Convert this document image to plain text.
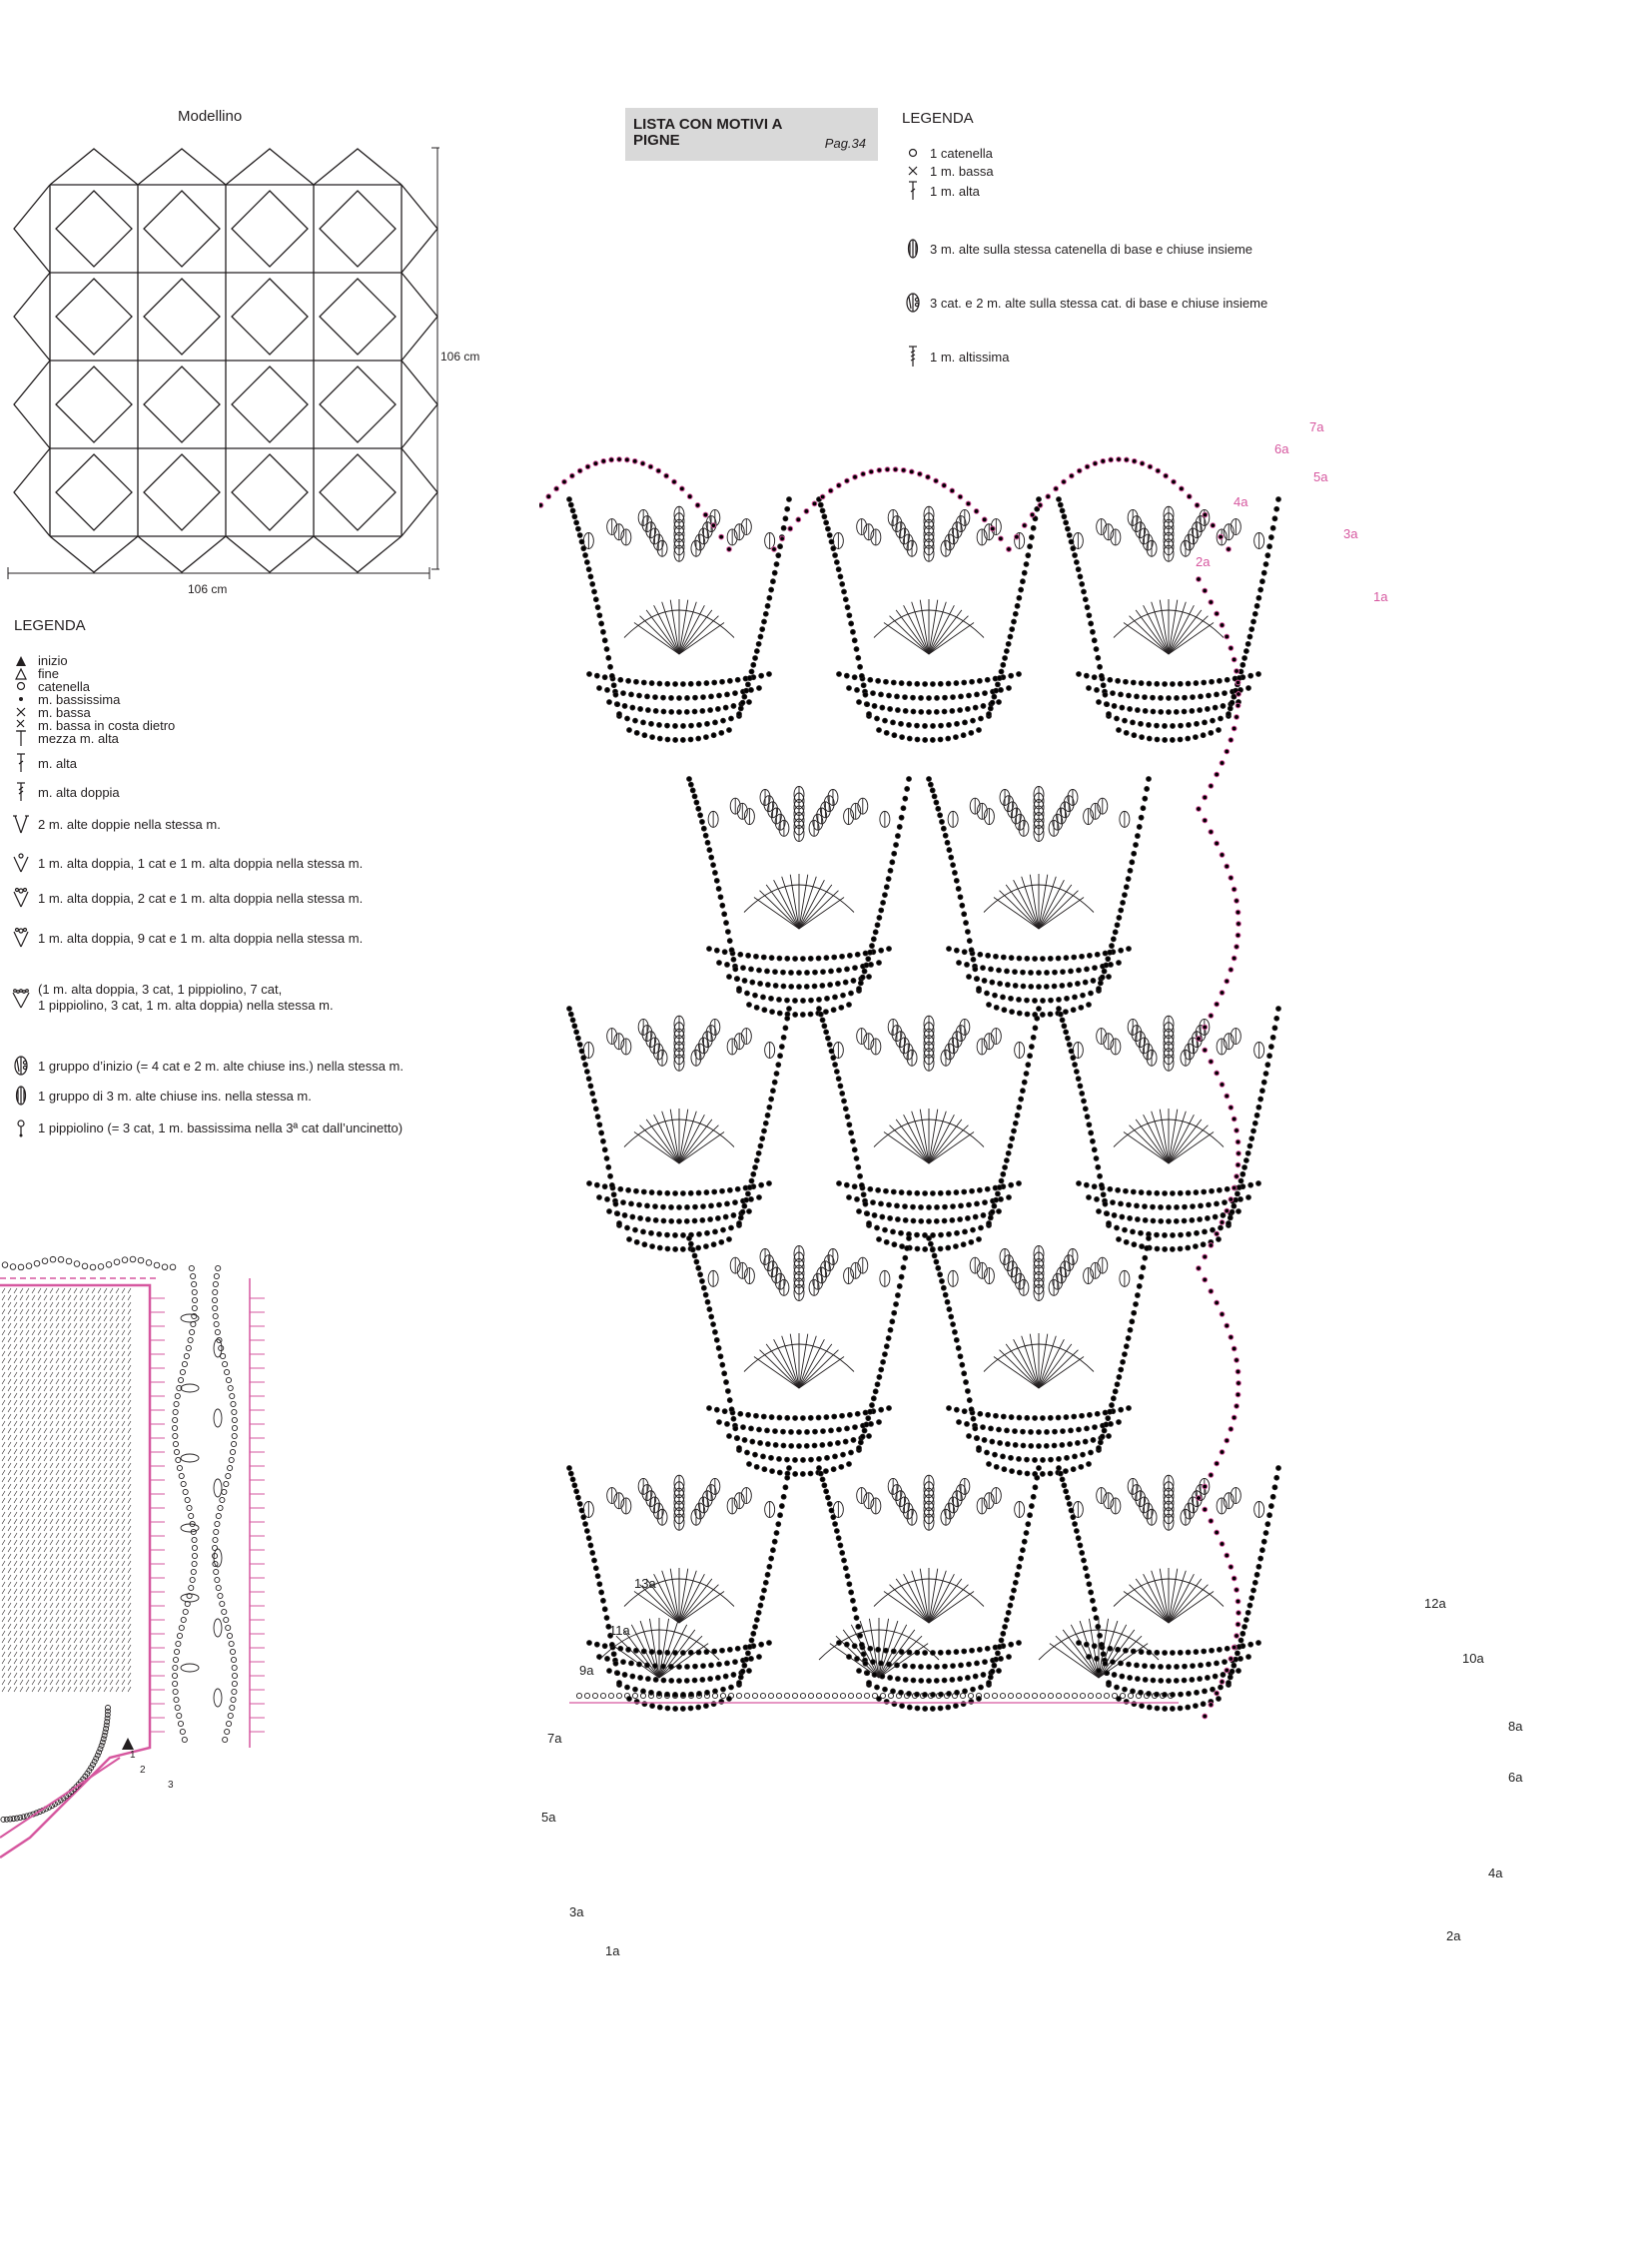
Modellino
106 cm
106 cm
LISTA CON MOTIVI A PIGNE	Pag.34
LEGENDA
inizio
fine
catenella
m. bassissima
m. bassa
m. bassa in costa dietro
mezza m. alta
m. alta
m. alta doppia
2 m. alte doppie nella stessa m.
1 m. alta doppia, 1 cat e 1 m. alta doppia nella stessa m.
1 m. alta doppia, 2 cat e 1 m. alta doppia nella stessa m.
1 m. alta doppia, 9 cat e 1 m. alta doppia nella stessa m.
(1 m. alta doppia, 3 cat, 1 pippiolino, 7 cat,
1 pippiolino, 3 cat, 1 m. alta doppia) nella stessa m.
1 gruppo d’inizio (= 4 cat e 2 m. alte chiuse ins.) nella stessa m.
1 gruppo di 3 m. alte chiuse ins. nella stessa m.
1 pippiolino (= 3 cat, 1 m. bassissima nella 3ª cat dall’uncinetto)
LEGENDA
1 catenella
1 m. bassa
1 m. alta
3 m. alte sulla stessa catenella di base e chiuse insieme
3 cat. e 2 m. alte sulla stessa cat. di base e chiuse insieme
1 m. altissima
1
2
3
7a
6a
5a
4a
3a
2a
1a
13a
12a
11a
10a
9a
8a
7a
6a
5a
4a
3a
2a
1a
